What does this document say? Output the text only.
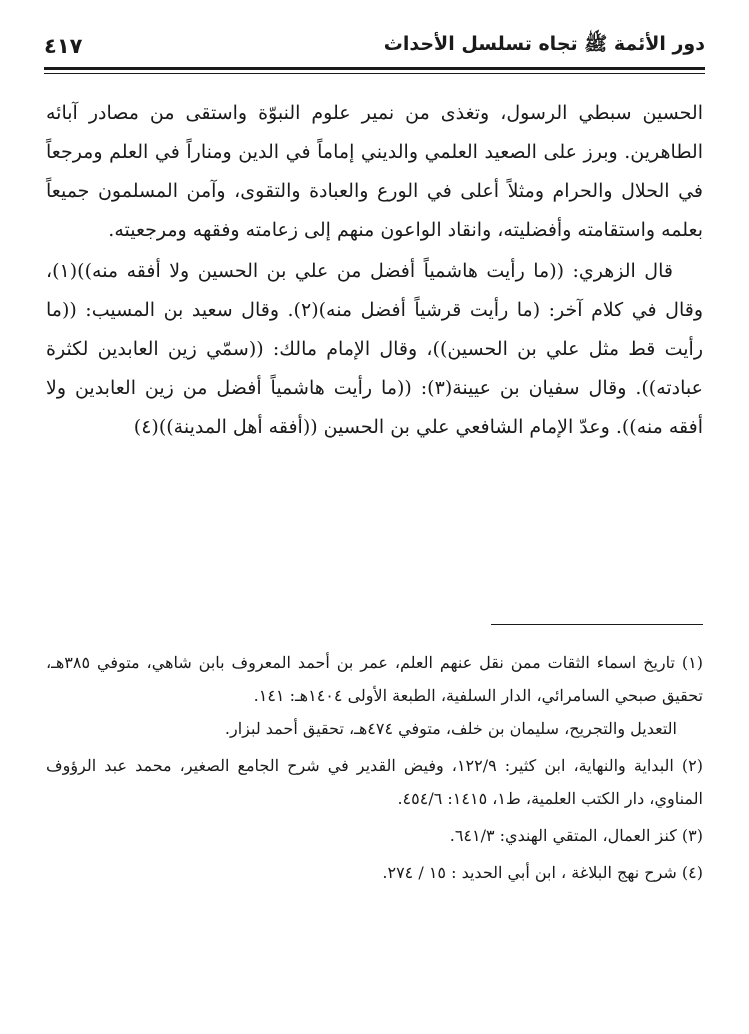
دور الأئمة ﷺ تجاه تسلسل الأحداث
٤١٧

الحسين سبطي الرسول، وتغذى من نمير علوم النبوّة واستقى من مصادر آبائه الطاهرين. وبرز على الصعيد العلمي والديني إماماً في الدين ومناراً في العلم ومرجعاً في الحلال والحرام ومثلاً أعلى في الورع والعبادة والتقوى، وآمن المسلمون جميعاً بعلمه واستقامته وأفضليته، وانقاد الواعون منهم إلى زعامته وفقهه ومرجعيته.

قال الزهري: ((ما رأيت هاشمياً أفضل من علي بن الحسين ولا أفقه منه))(١)، وقال في كلام آخر: (ما رأيت قرشياً أفضل منه)(٢). وقال سعيد بن المسيب: ((ما رأيت قط مثل علي بن الحسين))، وقال الإمام مالك: ((سمّي زين العابدين لكثرة عبادته)). وقال سفيان بن عيينة(٣): ((ما رأيت هاشمياً أفضل من زين العابدين ولا أفقه منه)). وعدّ الإمام الشافعي علي بن الحسين ((أفقه أهل المدينة))(٤)

(١) تاريخ اسماء الثقات ممن نقل عنهم العلم، عمر بن أحمد المعروف بابن شاهي، متوفي ٣٨٥هـ، تحقيق صبحي السامرائي، الدار السلفية، الطبعة الأولى ١٤٠٤هـ: ١٤١.
التعديل والتجريح، سليمان بن خلف، متوفي ٤٧٤هـ، تحقيق أحمد لبزار.
(٢) البداية والنهاية، ابن كثير: ١٢٢/٩، وفيض القدير في شرح الجامع الصغير، محمد عبد الرؤوف المناوي، دار الكتب العلمية، ط١، ١٤١٥: ٤٥٤/٦.
(٣) كنز العمال، المتقي الهندي: ٦٤١/٣.
(٤) شرح نهج البلاغة ، ابن أبي الحديد : ١٥ / ٢٧٤.
